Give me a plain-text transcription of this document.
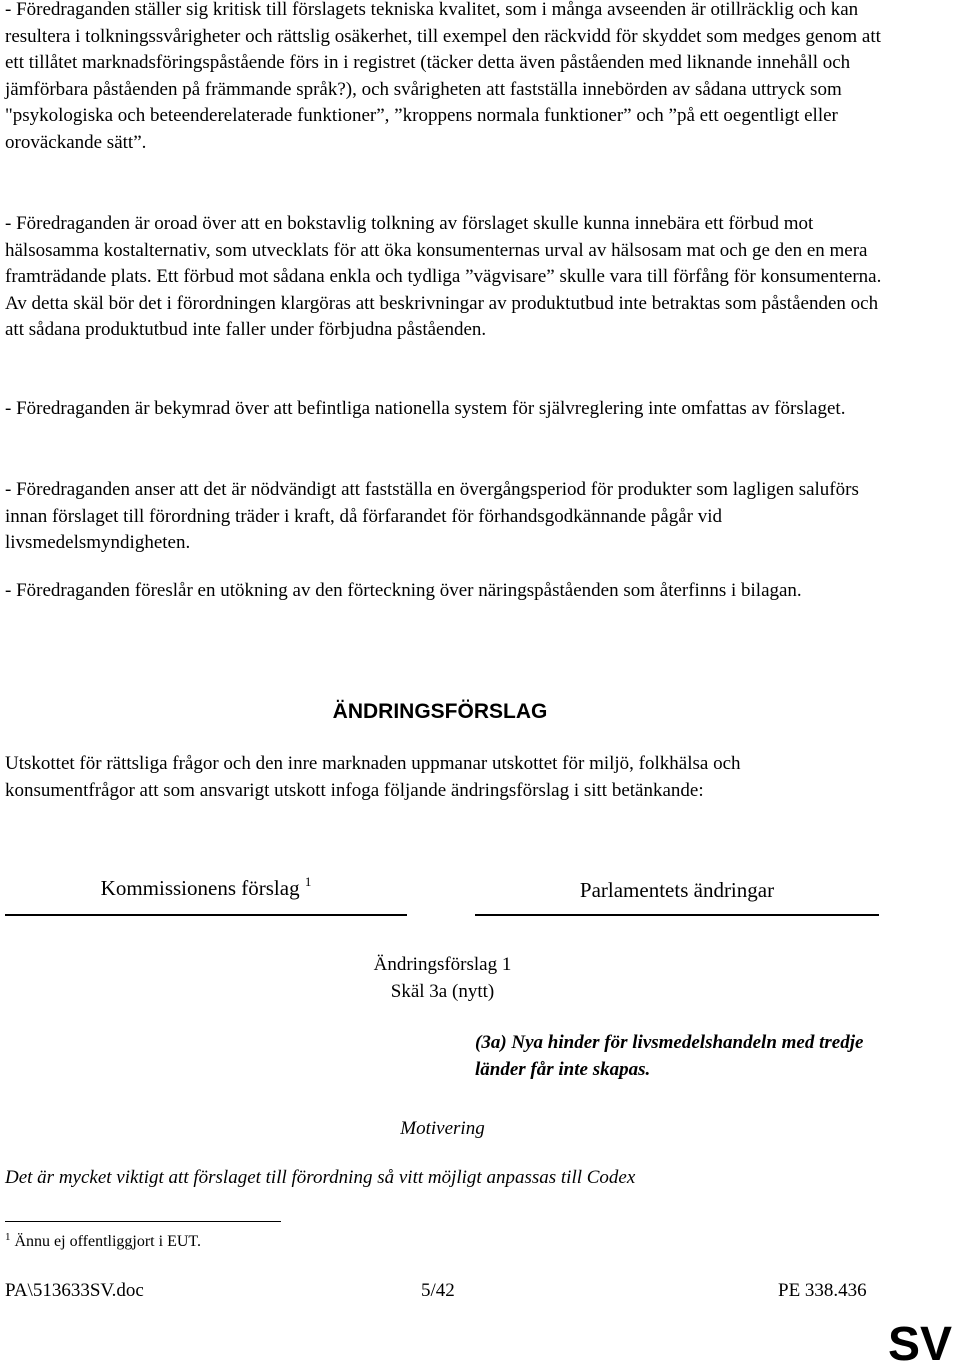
- Föredraganden ställer sig kritisk till förslagets tekniska kvalitet, som i många avseenden är otillräcklig och kan resultera i tolkningssvårigheter och rättslig osäkerhet, till exempel den räckvidd för skyddet som medges genom att ett tillåtet marknadsföringspåstående förs in i registret (täcker detta även påståenden med liknande innehåll och jämförbara påståenden på främmande språk?), och svårigheten att fastställa innebörden av sådana uttryck som "psykologiska och beteenderelaterade funktioner”, ”kroppens normala funktioner” och ”på ett oegentligt eller oroväckande sätt”.

- Föredraganden är oroad över att en bokstavlig tolkning av förslaget skulle kunna innebära ett förbud mot hälsosamma kostalternativ, som utvecklats för att öka konsumenternas urval av hälsosam mat och ge den en mera framträdande plats. Ett förbud mot sådana enkla och tydliga ”vägvisare” skulle vara till förfång för konsumenterna. Av detta skäl bör det i förordningen klargöras att beskrivningar av produktutbud inte betraktas som påståenden och att sådana produktutbud inte faller under förbjudna påståenden.

- Föredraganden är bekymrad över att befintliga nationella system för självreglering inte omfattas av förslaget.

- Föredraganden anser att det är nödvändigt att fastställa en övergångsperiod för produkter som lagligen saluförs innan förslaget till förordning träder i kraft, då förfarandet för förhandsgodkännande pågår vid livsmedelsmyndigheten.

- Föredraganden föreslår en utökning av den förteckning över näringspåståenden som återfinns i bilagan.

ÄNDRINGSFÖRSLAG

Utskottet för rättsliga frågor och den inre marknaden uppmanar utskottet för miljö, folkhälsa och konsumentfrågor att som ansvarigt utskott infoga följande ändringsförslag i sitt betänkande:

Kommissionens förslag $^1$	Parlamentets ändringar

Ändringsförslag 1

Skäl 3a (nytt)

(3a) Nya hinder för livsmedelshandeln med tredje länder får inte skapas.

Motivering

Det är mycket viktigt att förslaget till förordning så vitt möjligt anpassas till Codex

$^1$ Ännu ej offentliggjort i EUT.

PA\513633SV.doc	5/42	PE 338.436

SV
